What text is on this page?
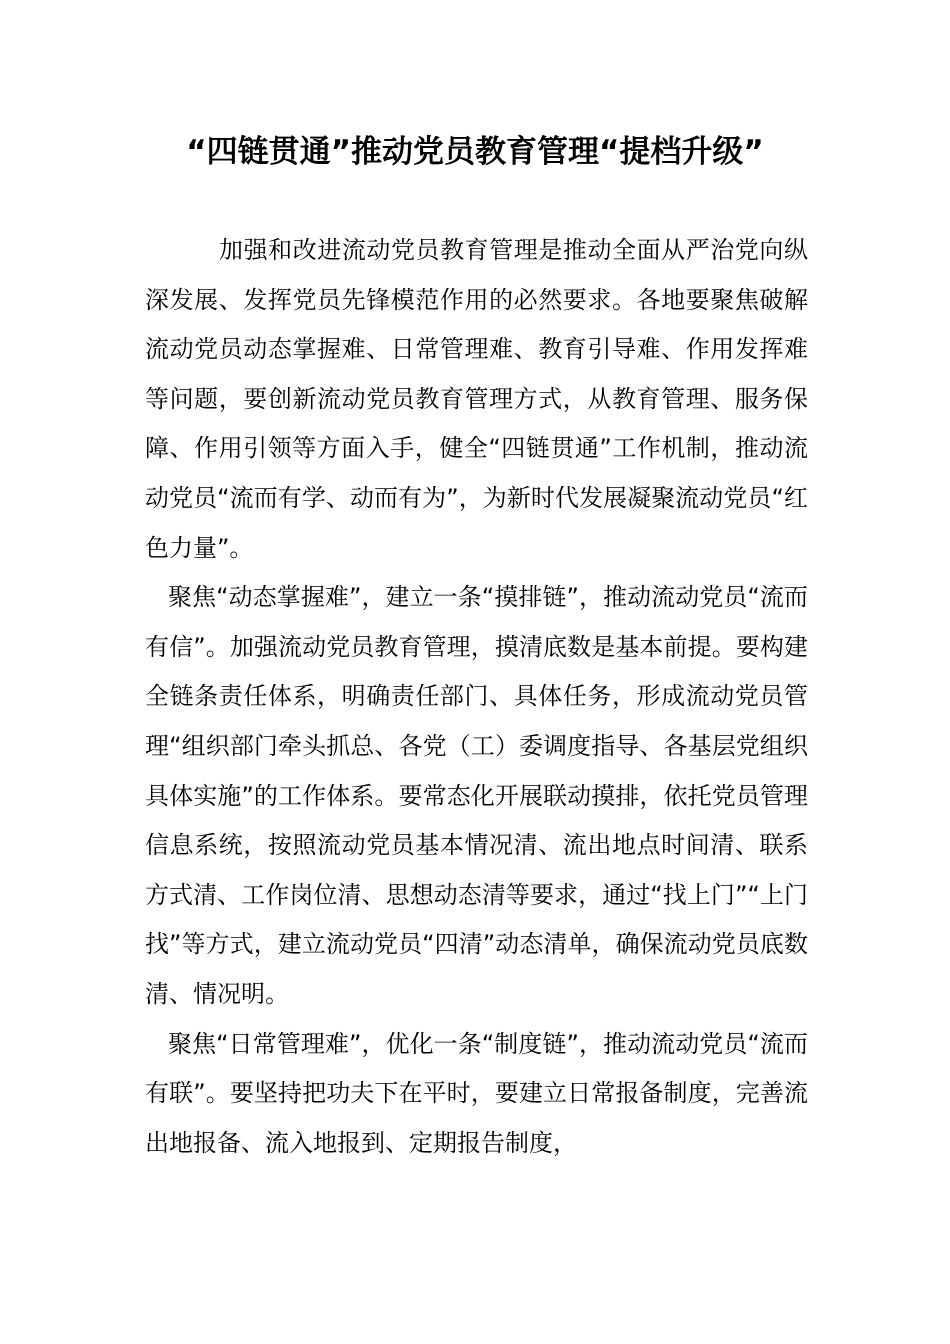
“四链贯通”推动党员教育管理“提档升级”

加强和改进流动党员教育管理是推动全面从严治党向纵深发展、发挥党员先锋模范作用的必然要求。各地要聚焦破解流动党员动态掌握难、日常管理难、教育引导难、作用发挥难等问题，要创新流动党员教育管理方式，从教育管理、服务保障、作用引领等方面入手，健全“四链贯通”工作机制，推动流动党员“流而有学、动而有为”，为新时代发展凝聚流动党员“红色力量”。

聚焦“动态掌握难”，建立一条“摸排链”，推动流动党员“流而有信”。加强流动党员教育管理，摸清底数是基本前提。要构建全链条责任体系，明确责任部门、具体任务，形成流动党员管理“组织部门牵头抓总、各党（工）委调度指导、各基层党组织具体实施”的工作体系。要常态化开展联动摸排，依托党员管理信息系统，按照流动党员基本情况清、流出地点时间清、联系方式清、工作岗位清、思想动态清等要求，通过“找上门”“上门找”等方式，建立流动党员“四清”动态清单，确保流动党员底数清、情况明。

聚焦“日常管理难”，优化一条“制度链”，推动流动党员“流而有联”。要坚持把功夫下在平时，要建立日常报备制度，完善流出地报备、流入地报到、定期报告制度，
